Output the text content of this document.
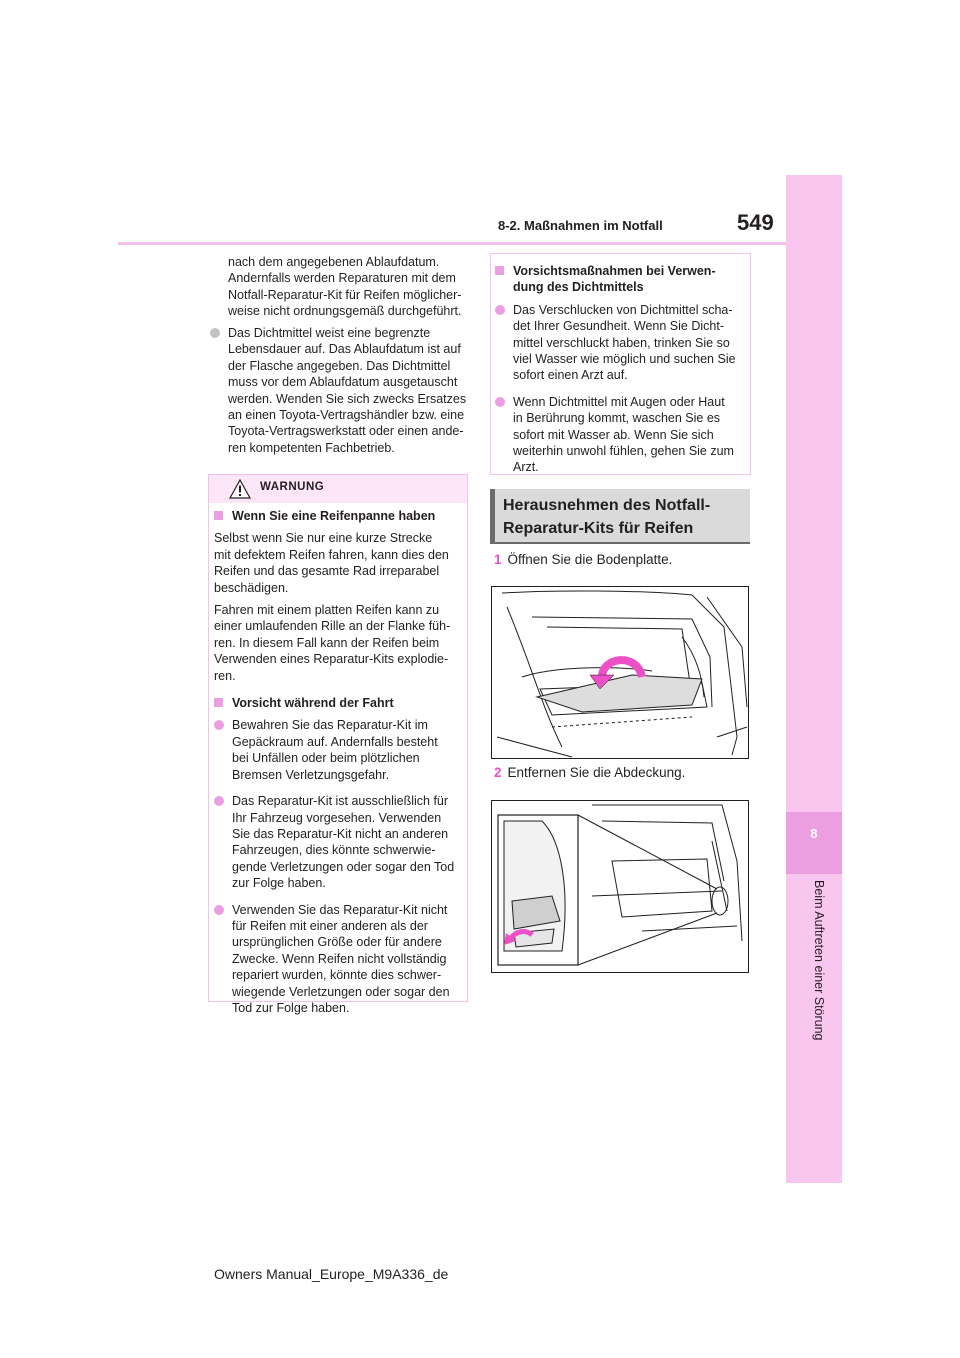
8-2. Maßnahmen im Notfall	549
8
Beim Auftreten einer Störung
nach dem angegebenen Ablaufdatum.
Andernfalls werden Reparaturen mit dem
Notfall-Reparatur-Kit für Reifen möglicher-
weise nicht ordnungsgemäß durchgeführt.
Das Dichtmittel weist eine begrenzte
Lebensdauer auf. Das Ablaufdatum ist auf
der Flasche angegeben. Das Dichtmittel
muss vor dem Ablaufdatum ausgetauscht
werden. Wenden Sie sich zwecks Ersatzes
an einen Toyota-Vertragshändler bzw. eine
Toyota-Vertragswerkstatt oder einen ande-
ren kompetenten Fachbetrieb.
WARNUNG
Wenn Sie eine Reifenpanne haben
Selbst wenn Sie nur eine kurze Strecke
mit defektem Reifen fahren, kann dies den
Reifen und das gesamte Rad irreparabel
beschädigen.
Fahren mit einem platten Reifen kann zu
einer umlaufenden Rille an der Flanke füh-
ren. In diesem Fall kann der Reifen beim
Verwenden eines Reparatur-Kits explodie-
ren.
Vorsicht während der Fahrt
Bewahren Sie das Reparatur-Kit im
Gepäckraum auf. Andernfalls besteht
bei Unfällen oder beim plötzlichen
Bremsen Verletzungsgefahr.
Das Reparatur-Kit ist ausschließlich für
Ihr Fahrzeug vorgesehen. Verwenden
Sie das Reparatur-Kit nicht an anderen
Fahrzeugen, dies könnte schwerwie-
gende Verletzungen oder sogar den Tod
zur Folge haben.
Verwenden Sie das Reparatur-Kit nicht
für Reifen mit einer anderen als der
ursprünglichen Größe oder für andere
Zwecke. Wenn Reifen nicht vollständig
repariert wurden, könnte dies schwer-
wiegende Verletzungen oder sogar den
Tod zur Folge haben.
Vorsichtsmaßnahmen bei Verwen-
dung des Dichtmittels
Das Verschlucken von Dichtmittel scha-
det Ihrer Gesundheit. Wenn Sie Dicht-
mittel verschluckt haben, trinken Sie so
viel Wasser wie möglich und suchen Sie
sofort einen Arzt auf.
Wenn Dichtmittel mit Augen oder Haut
in Berührung kommt, waschen Sie es
sofort mit Wasser ab. Wenn Sie sich
weiterhin unwohl fühlen, gehen Sie zum
Arzt.
Herausnehmen des Notfall-
Reparatur-Kits für Reifen
1 Öffnen Sie die Bodenplatte.
2 Entfernen Sie die Abdeckung.
Owners Manual_Europe_M9A336_de
